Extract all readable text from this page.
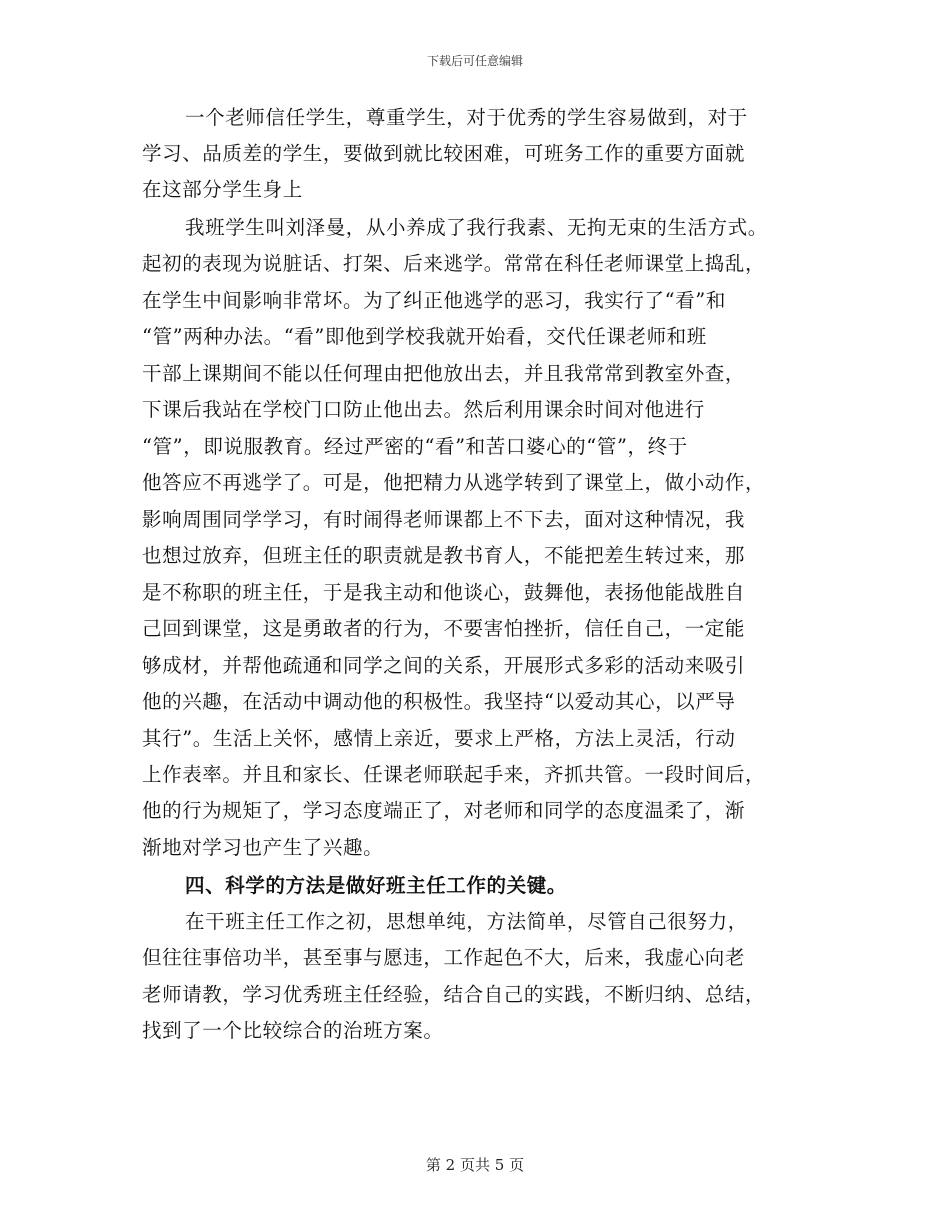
下载后可任意编辑
一个老师信任学生，尊重学生，对于优秀的学生容易做到，对于
学习、品质差的学生，要做到就比较困难，可班务工作的重要方面就
在这部分学生身上
我班学生叫刘泽曼，从小养成了我行我素、无拘无束的生活方式。
起初的表现为说脏话、打架、后来逃学。常常在科任老师课堂上捣乱，
在学生中间影响非常坏。为了纠正他逃学的恶习，我实行了“看”和
“管”两种办法。“看”即他到学校我就开始看，交代任课老师和班
干部上课期间不能以任何理由把他放出去，并且我常常到教室外查，
下课后我站在学校门口防止他出去。然后利用课余时间对他进行
“管”，即说服教育。经过严密的“看”和苦口婆心的“管”，终于
他答应不再逃学了。可是，他把精力从逃学转到了课堂上，做小动作，
影响周围同学学习，有时闹得老师课都上不下去，面对这种情况，我
也想过放弃，但班主任的职责就是教书育人，不能把差生转过来，那
是不称职的班主任，于是我主动和他谈心，鼓舞他，表扬他能战胜自
己回到课堂，这是勇敢者的行为，不要害怕挫折，信任自己，一定能
够成材，并帮他疏通和同学之间的关系，开展形式多彩的活动来吸引
他的兴趣，在活动中调动他的积极性。我坚持“以爱动其心，以严导
其行”。生活上关怀，感情上亲近，要求上严格，方法上灵活，行动
上作表率。并且和家长、任课老师联起手来，齐抓共管。一段时间后，
他的行为规矩了，学习态度端正了，对老师和同学的态度温柔了，渐
渐地对学习也产生了兴趣。
四、科学的方法是做好班主任工作的关键。
在干班主任工作之初，思想单纯，方法简单，尽管自己很努力，
但往往事倍功半，甚至事与愿违，工作起色不大，后来，我虚心向老
老师请教，学习优秀班主任经验，结合自己的实践，不断归纳、总结，
找到了一个比较综合的治班方案。
第 2 页共 5 页
